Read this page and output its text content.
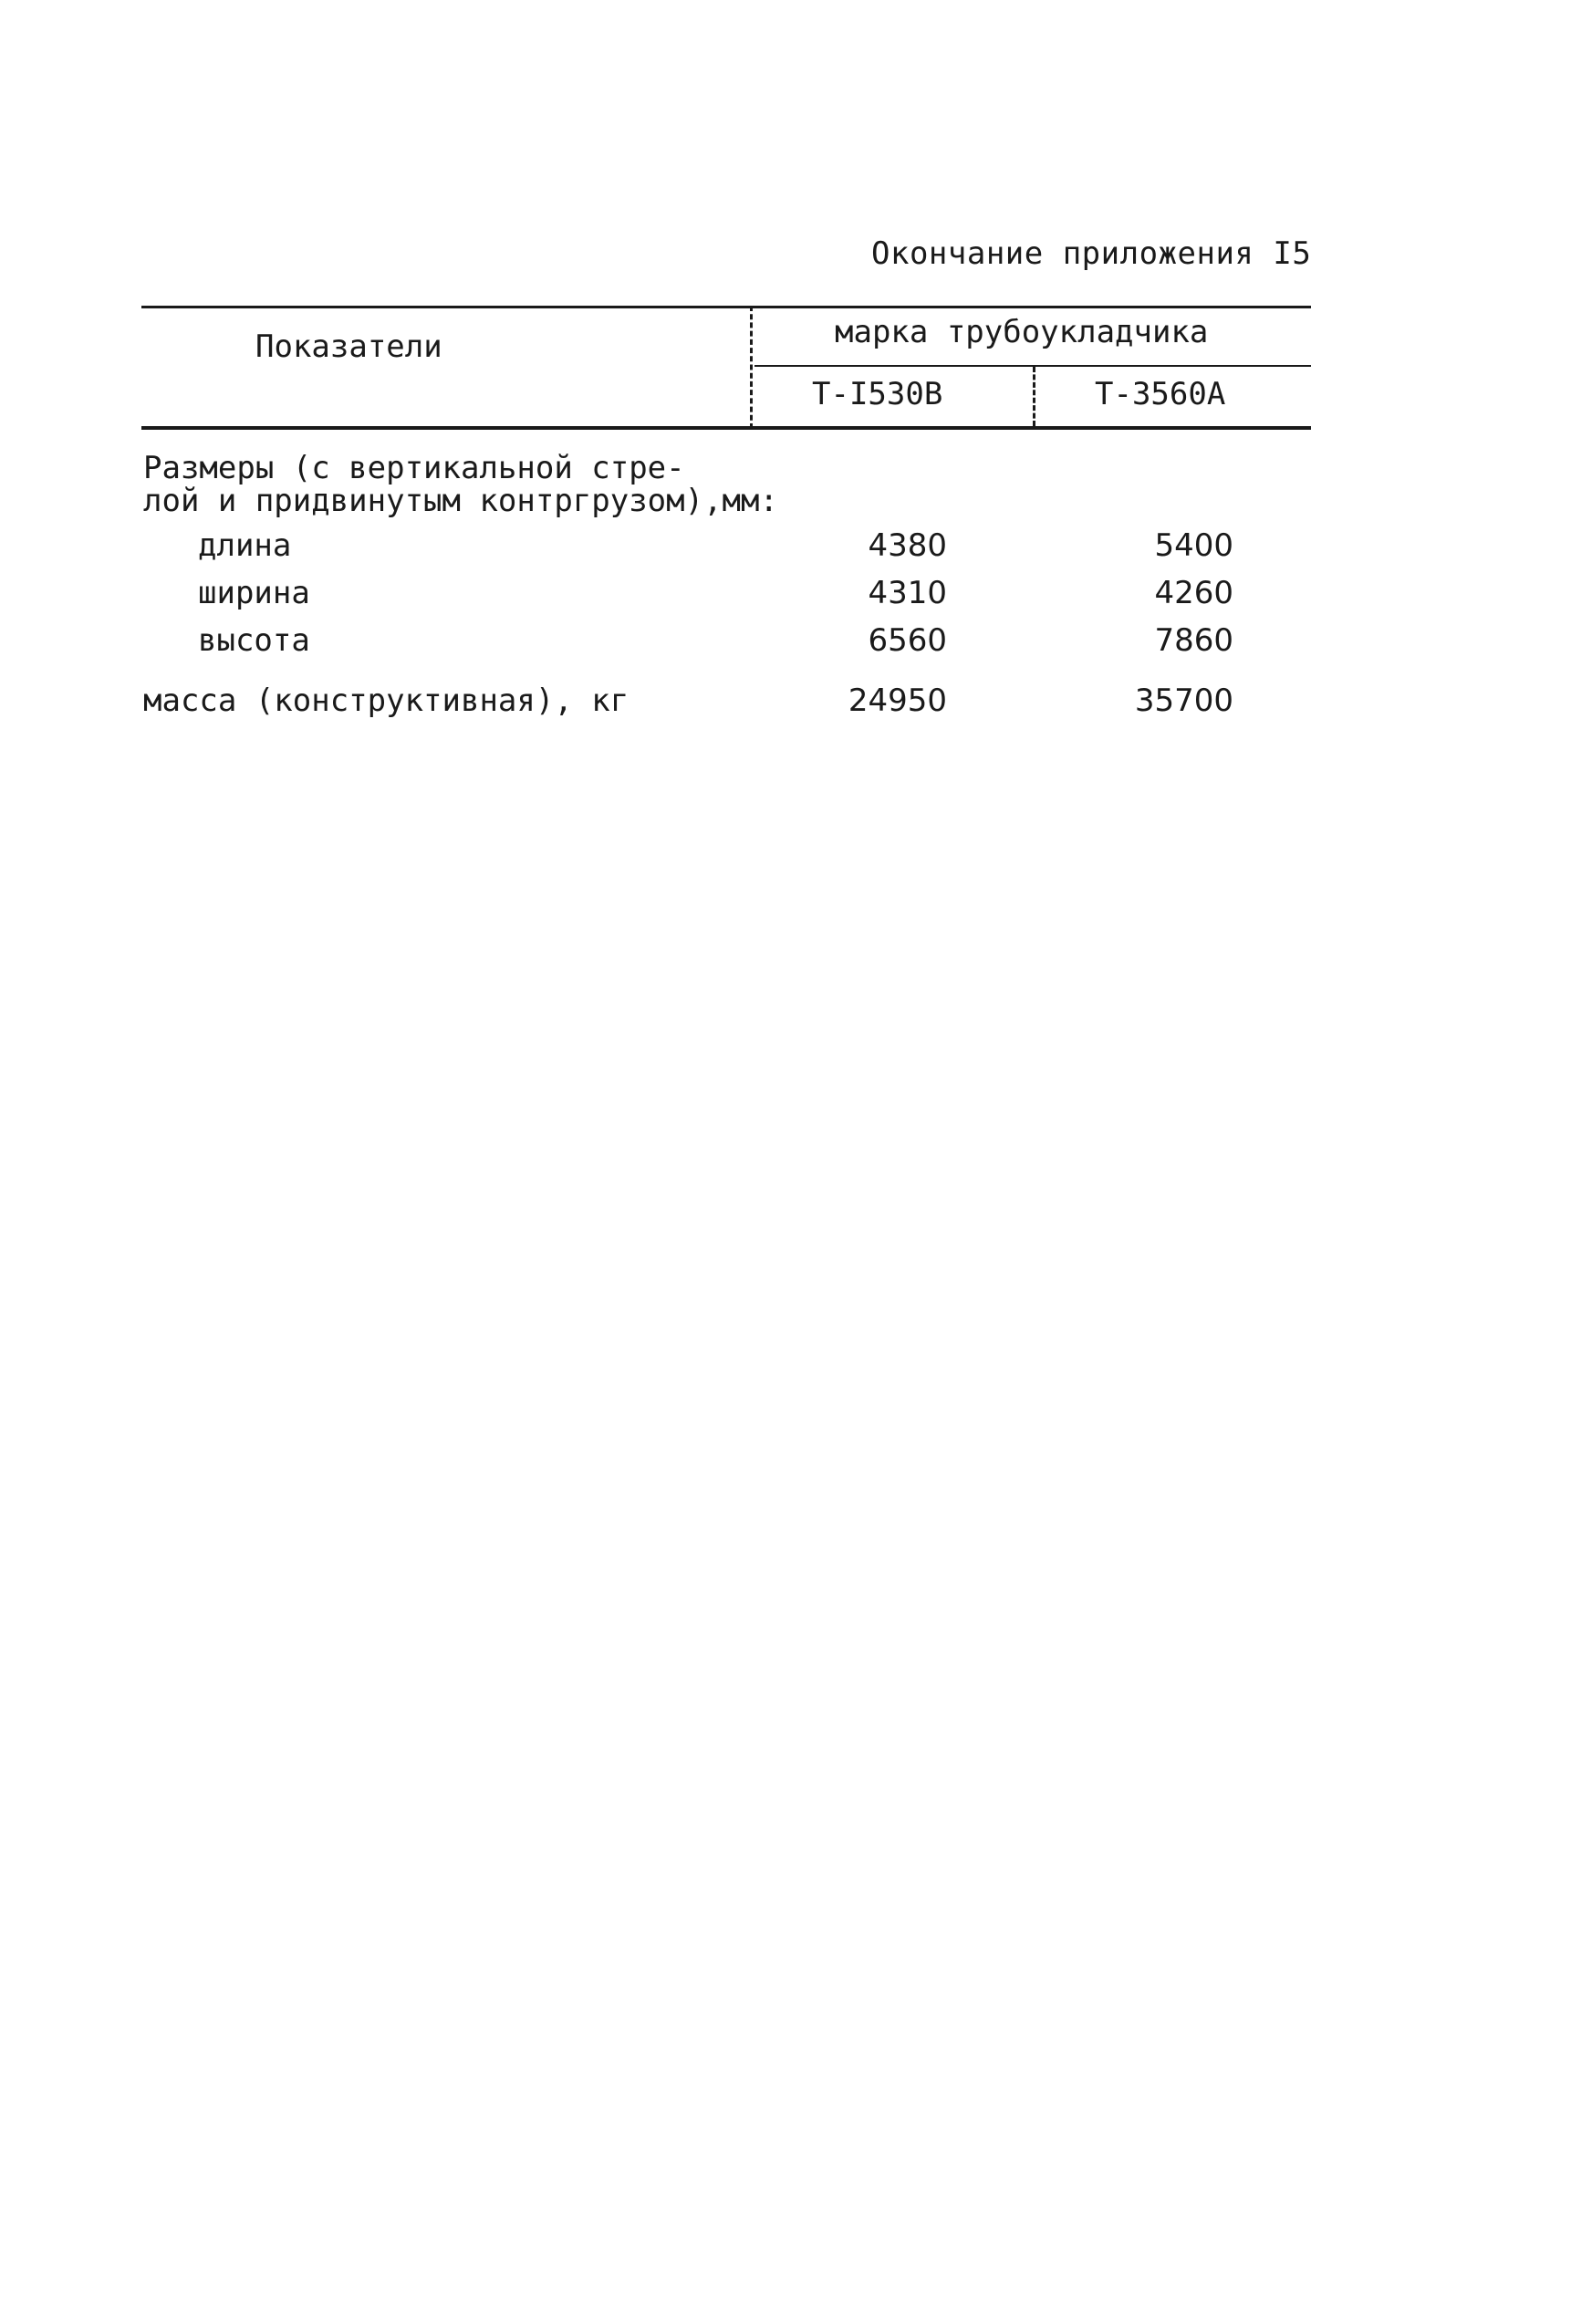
Окончание приложения I5
Показатели	марка трубоукладчика
Т-I530В	Т-3560А
Размеры (с вертикальной стре-
лой и придвинутым контргрузом),мм:
длина	4380	5400
ширина	4310	4260
высота	6560	7860
масса (конструктивная), кг	24950	35700
